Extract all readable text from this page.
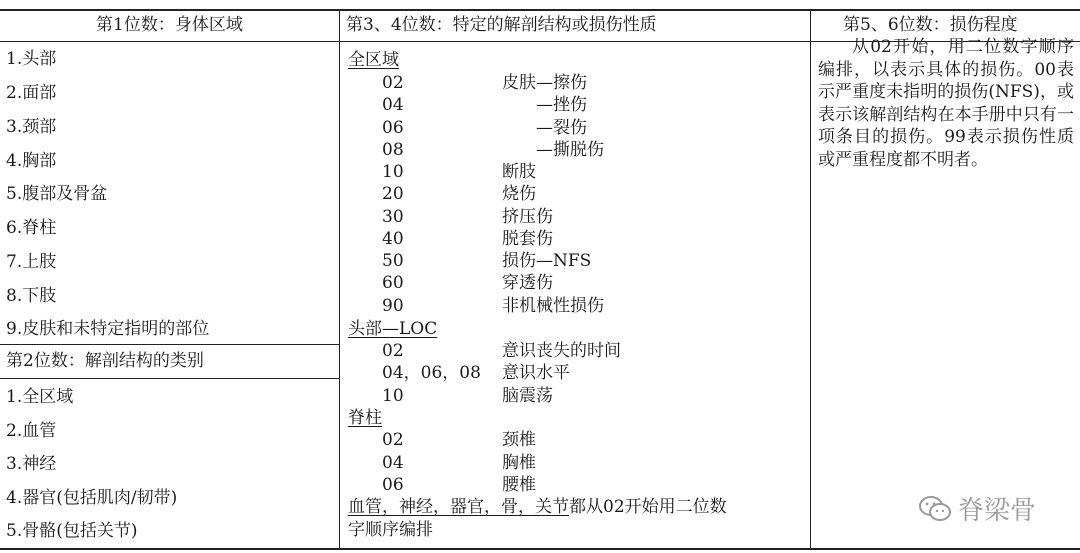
第1位数：身体区域	第3、4位数：特定的解剖结构或损伤性质	第5、6位数：损伤程度
1.头部
2.面部
3.颈部
4.胸部
5.腹部及骨盆
6.脊柱
7.上肢
8.下肢
9.皮肤和未特定指明的部位
第2位数：解剖结构的类别
1.全区域
2.血管
3.神经
4.器官(包括肌肉/韧带)
5.骨骼(包括关节)
全区域
02	皮肤—擦伤
04	—挫伤
06	—裂伤
08	—撕脱伤
10	断肢
20	烧伤
30	挤压伤
40	脱套伤
50	损伤—NFS
60	穿透伤
90	非机械性损伤
头部—LOC
02	意识丧失的时间
04，06，08 意识水平
10	脑震荡
脊柱
02	颈椎
04	胸椎
06	腰椎
血管，神经，器官，骨，关节都从02开始用二位数
字顺序编排
从02开始，用二位数字顺序编排，以表示具体的损伤。00表示严重度未指明的损伤(NFS)，或表示该解剖结构在本手册中只有一项条目的损伤。99表示损伤性质或严重程度都不明者。
脊梁骨
